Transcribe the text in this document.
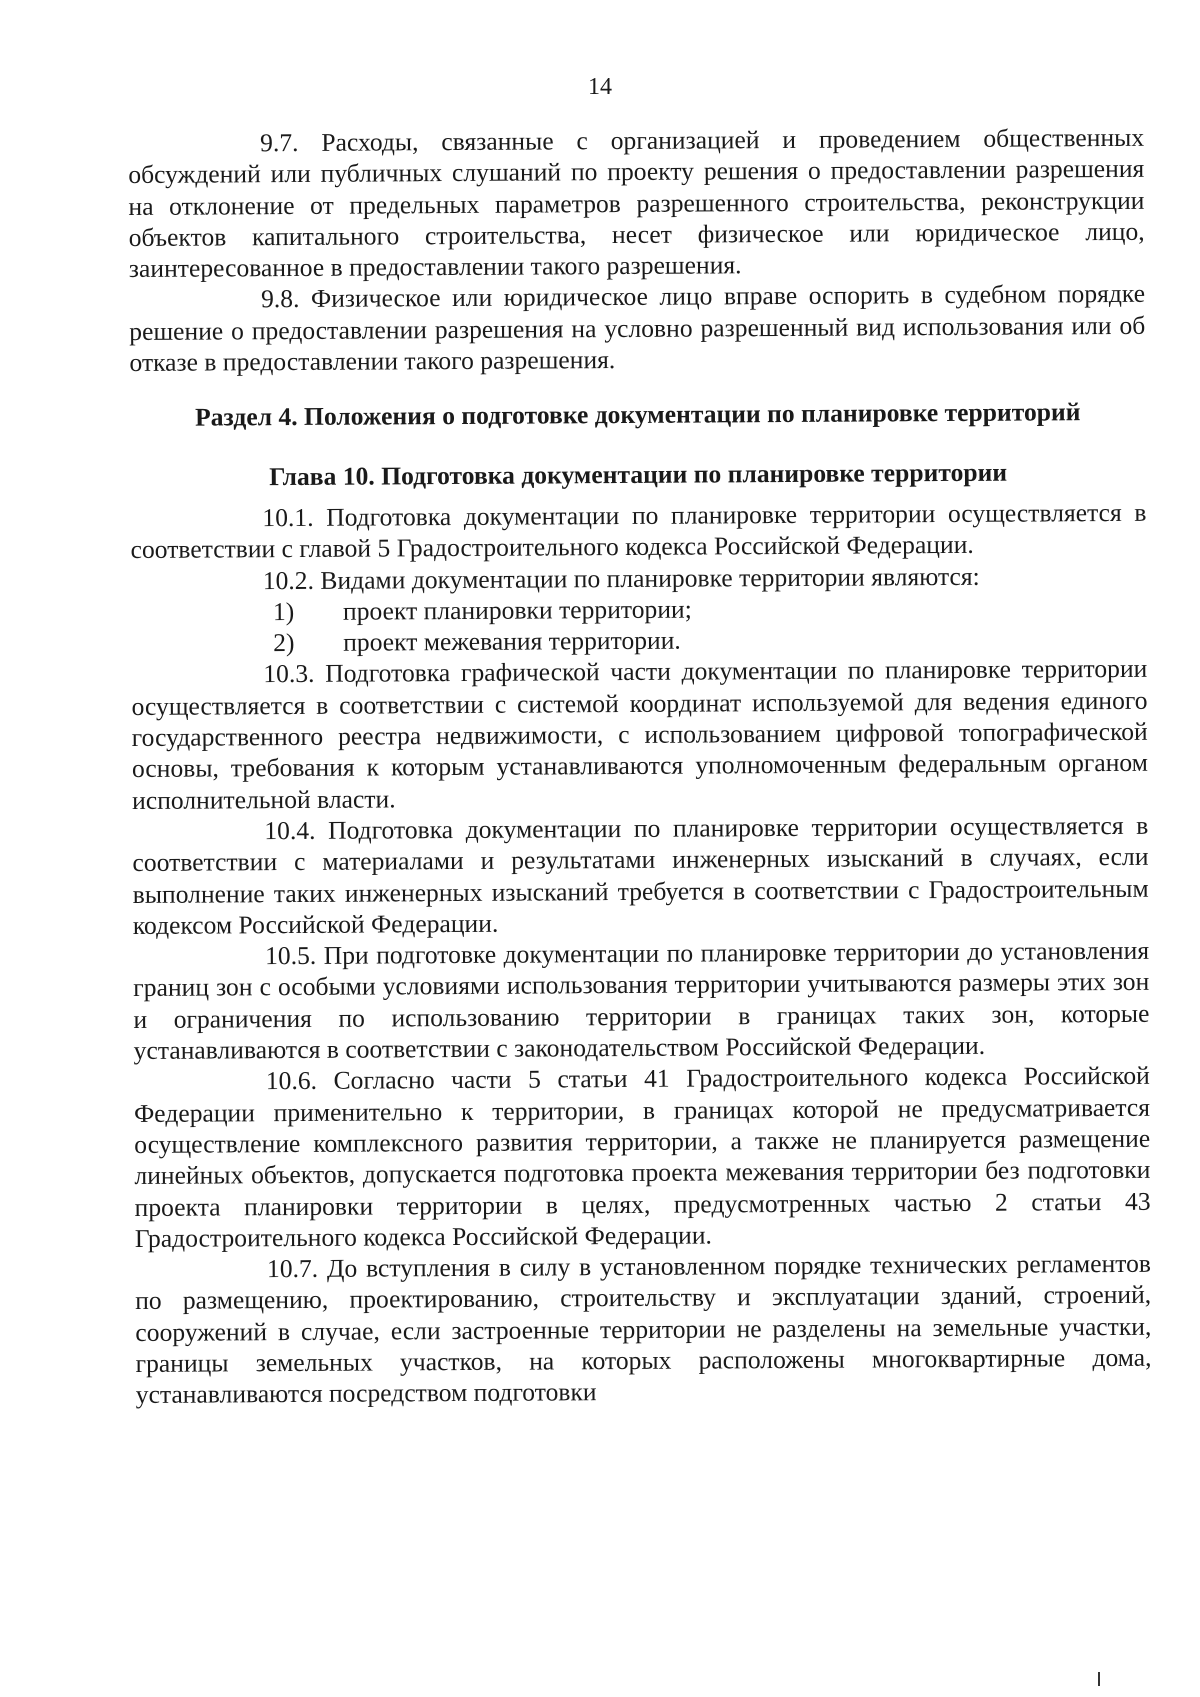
14

9.7. Расходы, связанные с организацией и проведением общественных обсуждений или публичных слушаний по проекту решения о предоставлении разрешения на отклонение от предельных параметров разрешенного строительства, реконструкции объектов капитального строительства, несет физическое или юридическое лицо, заинтересованное в предоставлении такого разрешения.

9.8. Физическое или юридическое лицо вправе оспорить в судебном порядке решение о предоставлении разрешения на условно разрешенный вид использования или об отказе в предоставлении такого разрешения.

Раздел 4. Положения о подготовке документации по планировке территорий
Глава 10. Подготовка документации по планировке территории

10.1. Подготовка документации по планировке территории осуществляется в соответствии с главой 5 Градостроительного кодекса Российской Федерации.

10.2. Видами документации по планировке территории являются:

1)	проект планировки территории;
2)	проект межевания территории.

10.3. Подготовка графической части документации по планировке территории осуществляется в соответствии с системой координат используемой для ведения единого государственного реестра недвижимости, с использованием цифровой топографической основы, требования к которым устанавливаются уполномоченным федеральным органом исполнительной власти.

10.4. Подготовка документации по планировке территории осуществляется в соответствии с материалами и результатами инженерных изысканий в случаях, если выполнение таких инженерных изысканий требуется в соответствии с Градостроительным кодексом Российской Федерации.

10.5. При подготовке документации по планировке территории до установления границ зон с особыми условиями использования территории учитываются размеры этих зон и ограничения по использованию территории в границах таких зон, которые устанавливаются в соответствии с законодательством Российской Федерации.

10.6. Согласно части 5 статьи 41 Градостроительного кодекса Российской Федерации применительно к территории, в границах которой не предусматривается осуществление комплексного развития территории, а также не планируется размещение линейных объектов, допускается подготовка проекта межевания территории без подготовки проекта планировки территории в целях, предусмотренных частью 2 статьи 43 Градостроительного кодекса Российской Федерации.

10.7. До вступления в силу в установленном порядке технических регламентов по размещению, проектированию, строительству и эксплуатации зданий, строений, сооружений в случае, если застроенные территории не разделены на земельные участки, границы земельных участков, на которых расположены многоквартирные дома, устанавливаются посредством подготовки
